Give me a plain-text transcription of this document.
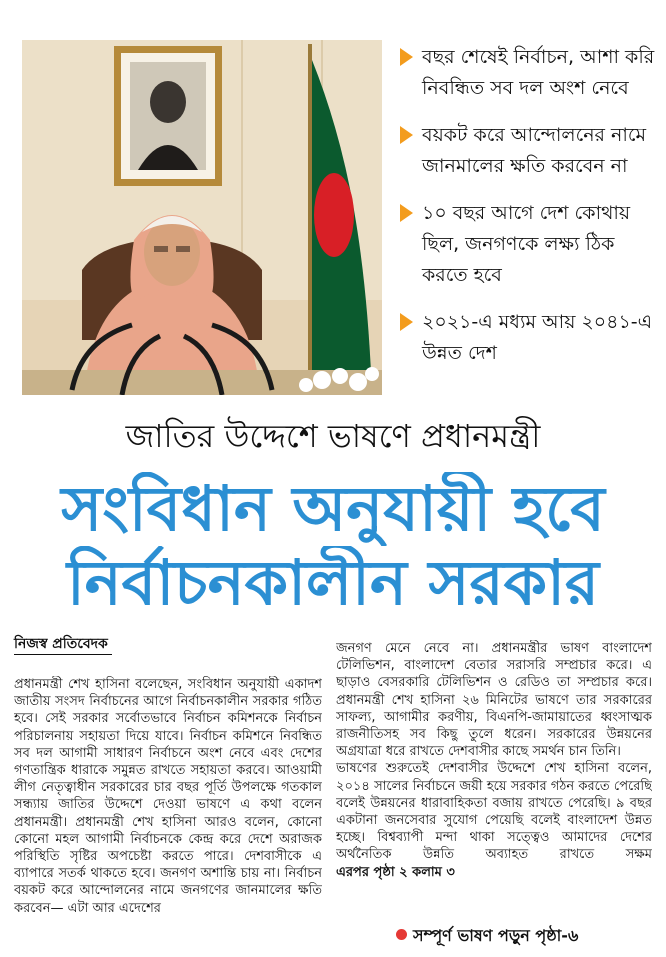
বছর শেষেই নির্বাচন, আশা করি নিবন্ধিত সব দল অংশ নেবে
বয়কট করে আন্দোলনের নামে জানমালের ক্ষতি করবেন না
১০ বছর আগে দেশ কোথায় ছিল, জনগণকে লক্ষ্য ঠিক করতে হবে
২০২১-এ মধ্যম আয় ২০৪১-এ উন্নত দেশ
জাতির উদ্দেশে ভাষণে প্রধানমন্ত্রী
সংবিধান অনুযায়ী হবে
নির্বাচনকালীন সরকার
নিজস্ব প্রতিবেদক

প্রধানমন্ত্রী শেখ হাসিনা বলেছেন, সংবিধান অনুযায়ী একাদশ জাতীয় সংসদ নির্বাচনের আগে নির্বাচনকালীন সরকার গঠিত হবে। সেই সরকার সর্বোতভাবে নির্বাচন কমিশনকে নির্বাচন পরিচালনায় সহায়তা দিয়ে যাবে। নির্বাচন কমিশনে নিবন্ধিত সব দল আগামী সাধারণ নির্বাচনে অংশ নেবে এবং দেশের গণতান্ত্রিক ধারাকে সমুন্নত রাখতে সহায়তা করবে। আওয়ামী লীগ নেতৃত্বাধীন সরকারের চার বছর পূর্তি উপলক্ষে গতকাল সন্ধ্যায় জাতির উদ্দেশে দেওয়া ভাষণে এ কথা বলেন প্রধানমন্ত্রী। প্রধানমন্ত্রী শেখ হাসিনা আরও বলেন, কোনো কোনো মহল আগামী নির্বাচনকে কেন্দ্র করে দেশে অরাজক পরিস্থিতি সৃষ্টির অপচেষ্টা করতে পারে। দেশবাসীকে এ ব্যাপারে সতর্ক থাকতে হবে। জনগণ অশান্তি চায় না। নির্বাচন বয়কট করে আন্দোলনের নামে জনগণের জানমালের ক্ষতি করবেন— এটা আর এদেশের

জনগণ মেনে নেবে না। প্রধানমন্ত্রীর ভাষণ বাংলাদেশ টেলিভিশন, বাংলাদেশ বেতার সরাসরি সম্প্রচার করে। এ ছাড়াও বেসরকারি টেলিভিশন ও রেডিও তা সম্প্রচার করে। প্রধানমন্ত্রী শেখ হাসিনা ২৬ মিনিটের ভাষণে তার সরকারের সাফল্য, আগামীর করণীয়, বিএনপি-জামায়াতের ধ্বংসাত্মক রাজনীতিসহ সব কিছু তুলে ধরেন। সরকারের উন্নয়নের অগ্রযাত্রা ধরে রাখতে দেশবাসীর কাছে সমর্থন চান তিনি।

ভাষণের শুরুতেই দেশবাসীর উদ্দেশে শেখ হাসিনা বলেন, ২০১৪ সালের নির্বাচনে জয়ী হয়ে সরকার গঠন করতে পেরেছি বলেই উন্নয়নের ধারাবাহিকতা বজায় রাখতে পেরেছি। ৯ বছর একটানা জনসেবার সুযোগ পেয়েছি বলেই বাংলাদেশ উন্নত হচ্ছে। বিশ্বব্যাপী মন্দা থাকা সত্ত্বেও আমাদের দেশের অর্থনৈতিক উন্নতি অব্যাহত রাখতে সক্ষম এরপর পৃষ্ঠা ২ কলাম ৩

সম্পূর্ণ ভাষণ পড়ুন পৃষ্ঠা-৬
